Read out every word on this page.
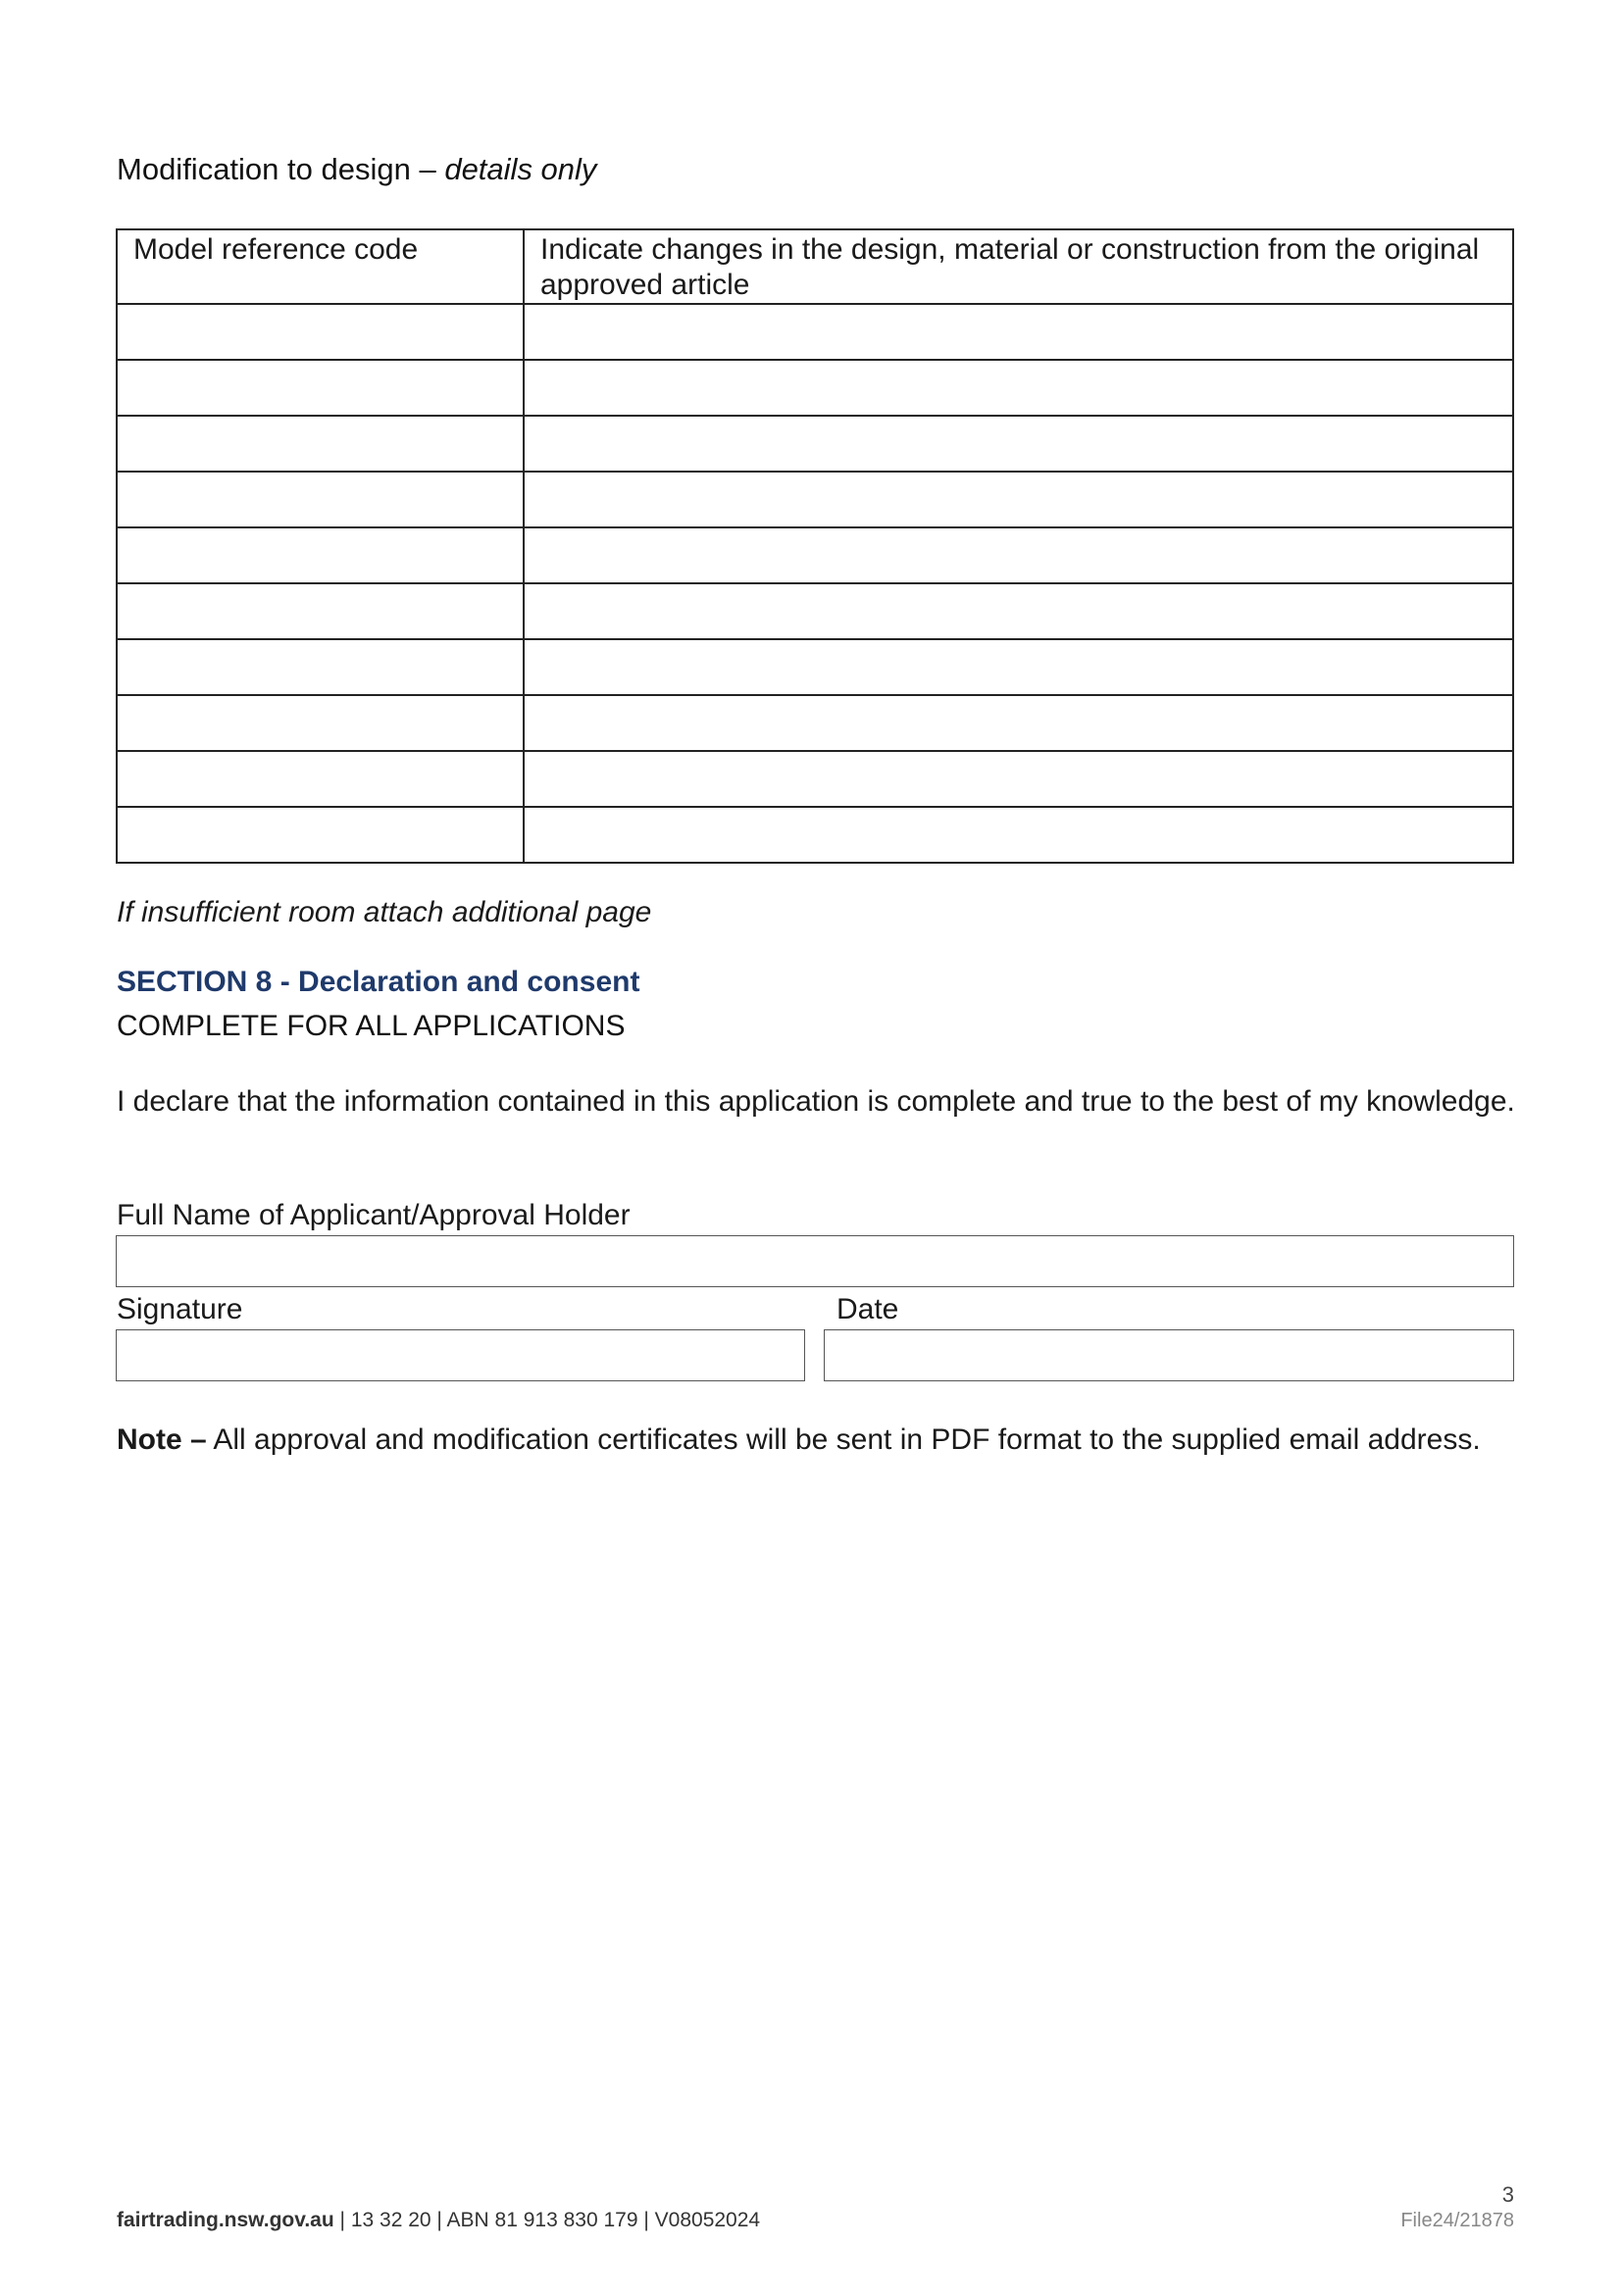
Modification to design – details only
Model reference code	Indicate changes in the design, material or construction from the original approved article

If insufficient room attach additional page
SECTION 8 - Declaration and consent
COMPLETE FOR ALL APPLICATIONS
I declare that the information contained in this application is complete and true to the best of my knowledge.
Full Name of Applicant/Approval Holder
Signature	Date
Note – All approval and modification certificates will be sent in PDF format to the supplied email address.
3
fairtrading.nsw.gov.au | 13 32 20 | ABN 81 913 830 179 | V08052024	File24/21878
